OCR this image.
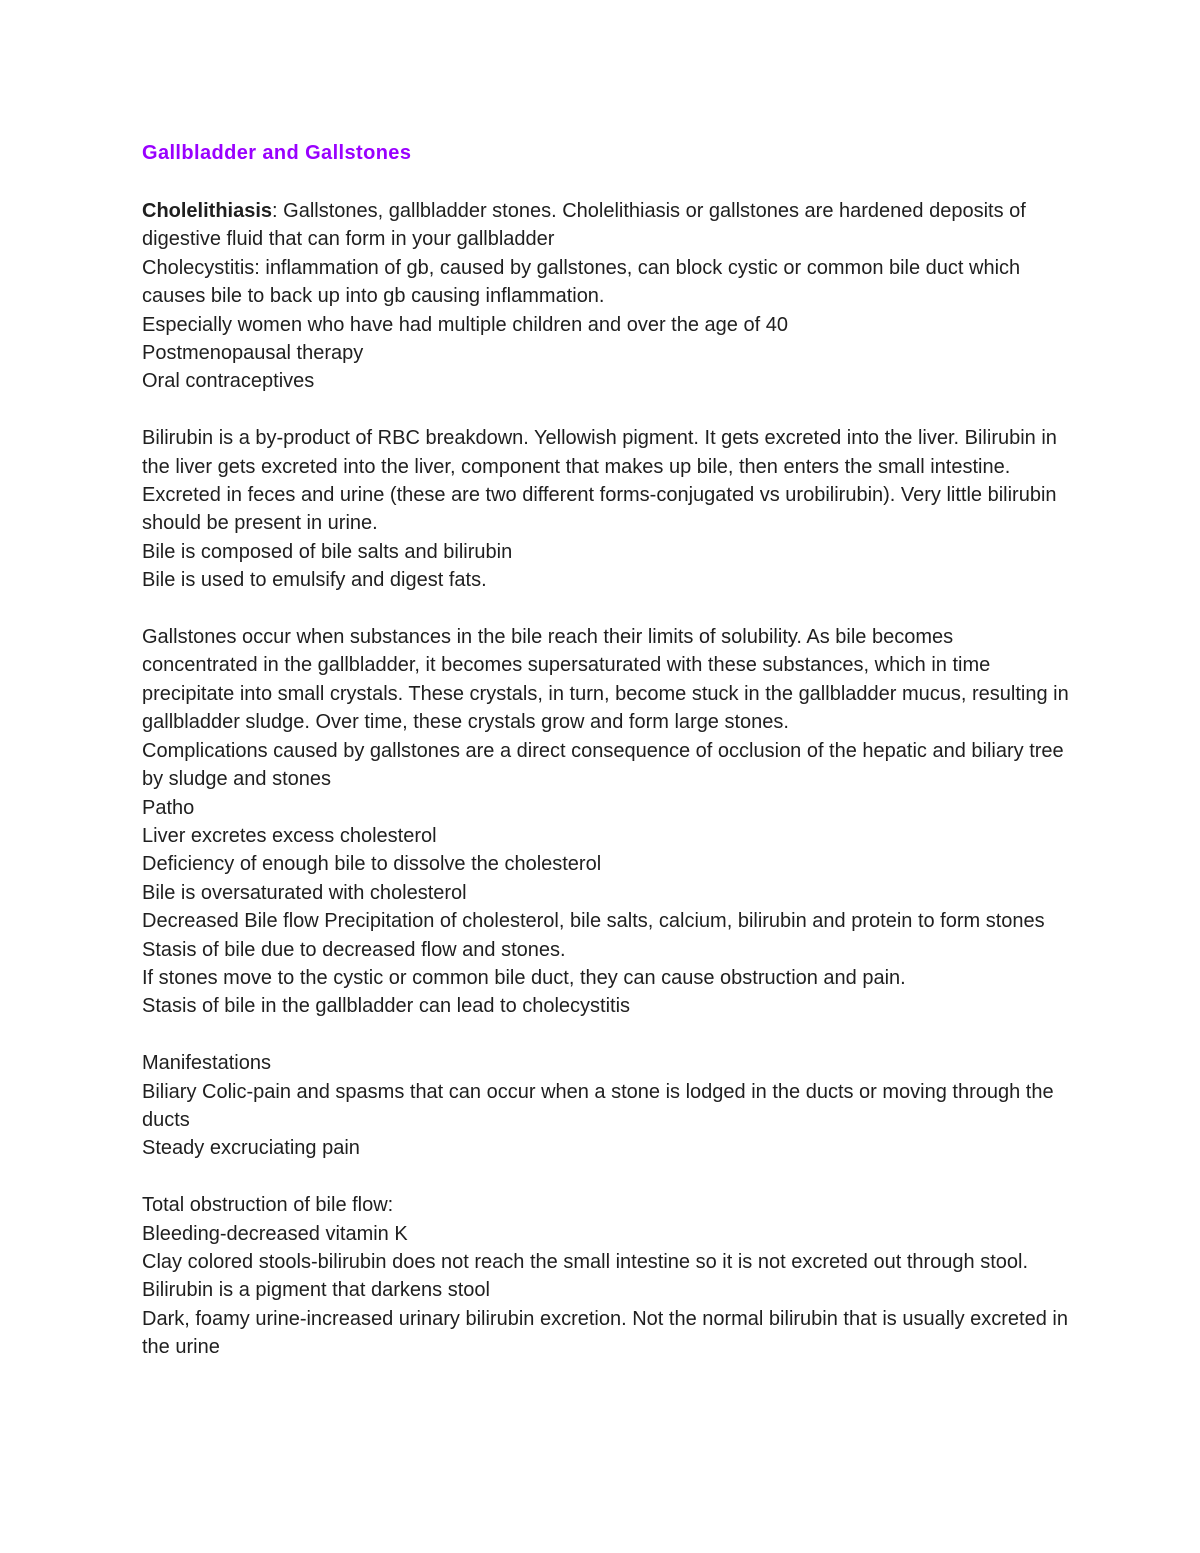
Gallbladder and Gallstones
Cholelithiasis: Gallstones, gallbladder stones. Cholelithiasis or gallstones are hardened deposits of digestive fluid that can form in your gallbladder
Cholecystitis: inflammation of gb, caused by gallstones, can block cystic or common bile duct which causes bile to back up into gb causing inflammation.
Especially women who have had multiple children and over the age of 40
Postmenopausal therapy
Oral contraceptives
Bilirubin is a by-product of RBC breakdown. Yellowish pigment. It gets excreted into the liver. Bilirubin in the liver gets excreted into the liver, component that makes up bile, then enters the small intestine. Excreted in feces and urine (these are two different forms-conjugated vs urobilirubin). Very little bilirubin should be present in urine.
Bile is composed of bile salts and bilirubin
Bile is used to emulsify and digest fats.
Gallstones occur when substances in the bile reach their limits of solubility. As bile becomes concentrated in the gallbladder, it becomes supersaturated with these substances, which in time precipitate into small crystals. These crystals, in turn, become stuck in the gallbladder mucus, resulting in gallbladder sludge. Over time, these crystals grow and form large stones.
Complications caused by gallstones are a direct consequence of occlusion of the hepatic and biliary tree by sludge and stones
Patho
Liver excretes excess cholesterol
Deficiency of enough bile to dissolve the cholesterol
Bile is oversaturated with cholesterol
Decreased Bile flow Precipitation of cholesterol, bile salts, calcium, bilirubin and protein to form stones
Stasis of bile due to decreased flow and stones.
If stones move to the cystic or common bile duct, they can cause obstruction and pain.
Stasis of bile in the gallbladder can lead to cholecystitis
Manifestations
Biliary Colic-pain and spasms that can occur when a stone is lodged in the ducts or moving through the ducts
Steady excruciating pain
Total obstruction of bile flow:
Bleeding-decreased vitamin K
Clay colored stools-bilirubin does not reach the small intestine so it is not excreted out through stool. Bilirubin is a pigment that darkens stool
Dark, foamy urine-increased urinary bilirubin excretion. Not the normal bilirubin that is usually excreted in the urine
